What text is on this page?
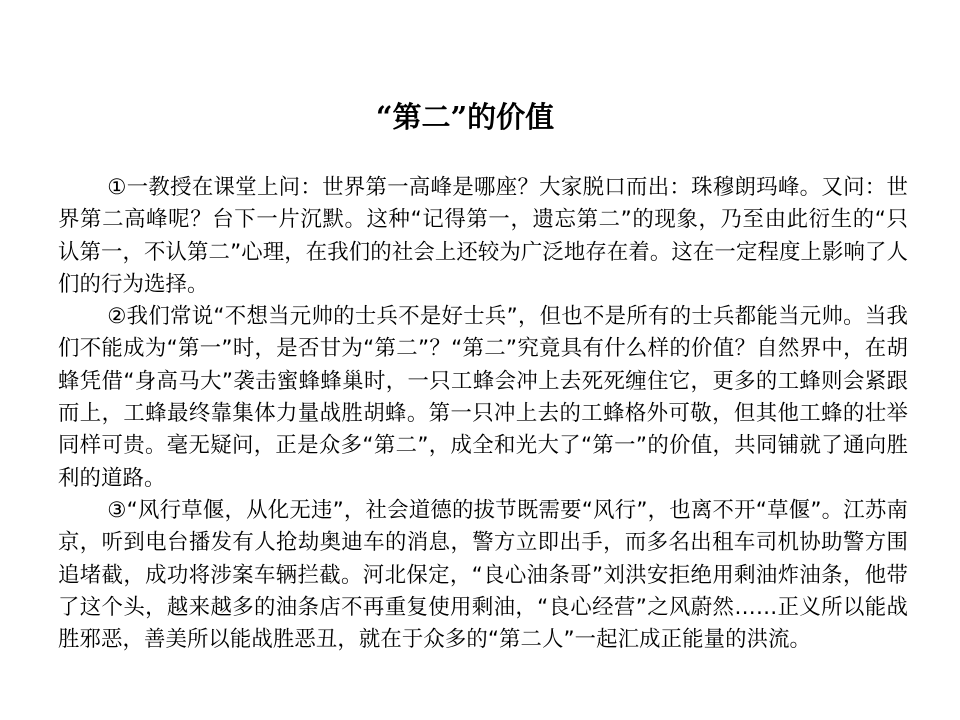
“第二”的价值

①一教授在课堂上问：世界第一高峰是哪座？大家脱口而出：珠穆朗玛峰。又问：世界第二高峰呢？台下一片沉默。这种“记得第一，遗忘第二”的现象，乃至由此衍生的“只认第一，不认第二”心理，在我们的社会上还较为广泛地存在着。这在一定程度上影响了人们的行为选择。

②我们常说“不想当元帅的士兵不是好士兵”，但也不是所有的士兵都能当元帅。当我们不能成为“第一”时，是否甘为“第二”？“第二”究竟具有什么样的价值？自然界中，在胡蜂凭借“身高马大”袭击蜜蜂蜂巢时，一只工蜂会冲上去死死缠住它，更多的工蜂则会紧跟而上，工蜂最终靠集体力量战胜胡蜂。第一只冲上去的工蜂格外可敬，但其他工蜂的壮举同样可贵。毫无疑问，正是众多“第二”，成全和光大了“第一”的价值，共同铺就了通向胜利的道路。

③“风行草偃，从化无违”，社会道德的拔节既需要“风行”，也离不开“草偃”。江苏南京，听到电台播发有人抢劫奥迪车的消息，警方立即出手，而多名出租车司机协助警方围追堵截，成功将涉案车辆拦截。河北保定，“良心油条哥”刘洪安拒绝用剩油炸油条，他带了这个头，越来越多的油条店不再重复使用剩油，“良心经营”之风蔚然……正义所以能战胜邪恶，善美所以能战胜恶丑，就在于众多的“第二人”一起汇成正能量的洪流。
